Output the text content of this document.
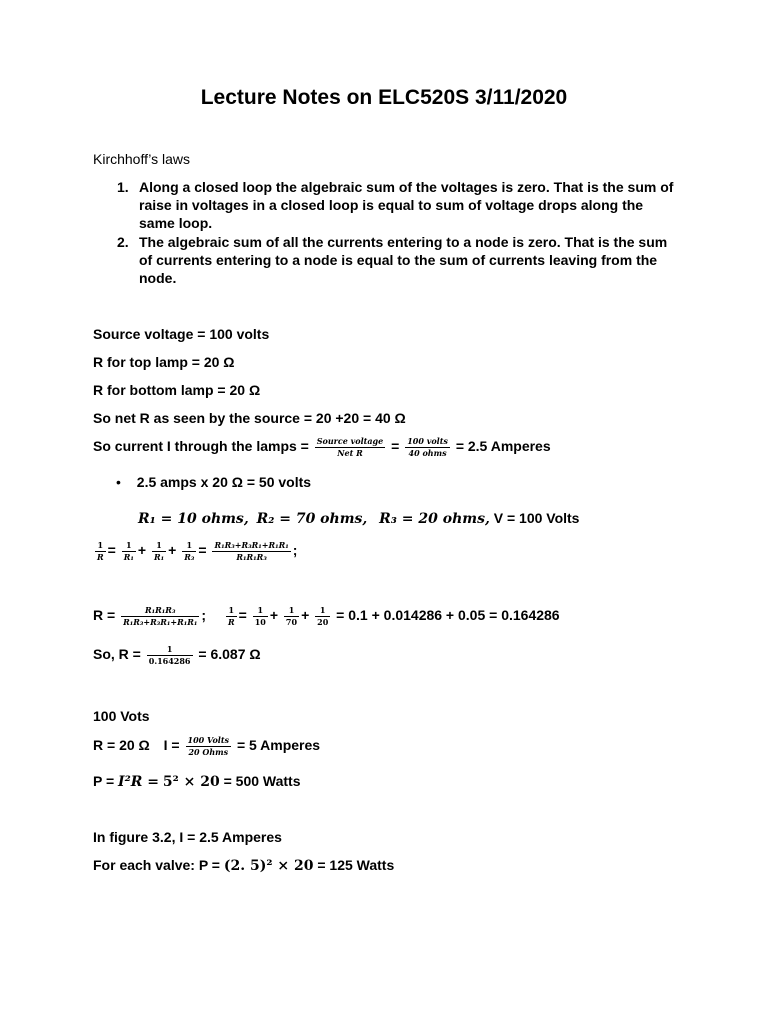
Lecture Notes on ELC520S 3/11/2020
Kirchhoff’s laws
1. Along a closed loop the algebraic sum of the voltages is zero. That is the sum of raise in voltages in a closed loop is equal to sum of voltage drops along the same loop.
2. The algebraic sum of all the currents entering to a node is zero. That is the sum of currents entering to a node is equal to the sum of currents leaving from the node.
Source voltage = 100 volts
R for top lamp = 20 Ω
R for bottom lamp = 20 Ω
So net R as seen by the source = 20 +20 = 40 Ω
So current I through the lamps = $\frac{\text{Source voltage}}{\text{Net R}} = \frac{\text{100 volts}}{\text{40 ohms}} = 2.5$ Amperes
• 2.5 amps x 20 Ω = 50 volts
R₁ = 10 ohms, R₂ = 70 ohms, R₃ = 20 ohms, V = 100 Volts
$\frac{1}{R} = \frac{1}{\text{R₁}} + \frac{1}{\text{R₁}} + \frac{1}{\text{R₃}} = \frac{\text{R₁R₃+R₃R₁+R₁R₁}}{\text{R₁R₁R₃}}$ ;
$R = \frac{\text{R₁R₁R₃}}{\text{R₁R₃+R₃R₁+R₁R₁}}$ ; $\frac{1}{R} = \frac{1}{10} + \frac{1}{70} + \frac{1}{20} = 0.1 + 0.014286 + 0.05 = 0.164286$
So, $R = \frac{1}{0.164286} = 6.087$ Ω
100 Vots
R = 20 Ω $I = \frac{\text{100 Volts}}{\text{20 Ohms}} = 5$ Amperes
P = I²R = 5² × 20 = 500 Watts
In figure 3.2, I = 2.5 Amperes
For each valve: P = (2. 5)² × 20 = 125 Watts
